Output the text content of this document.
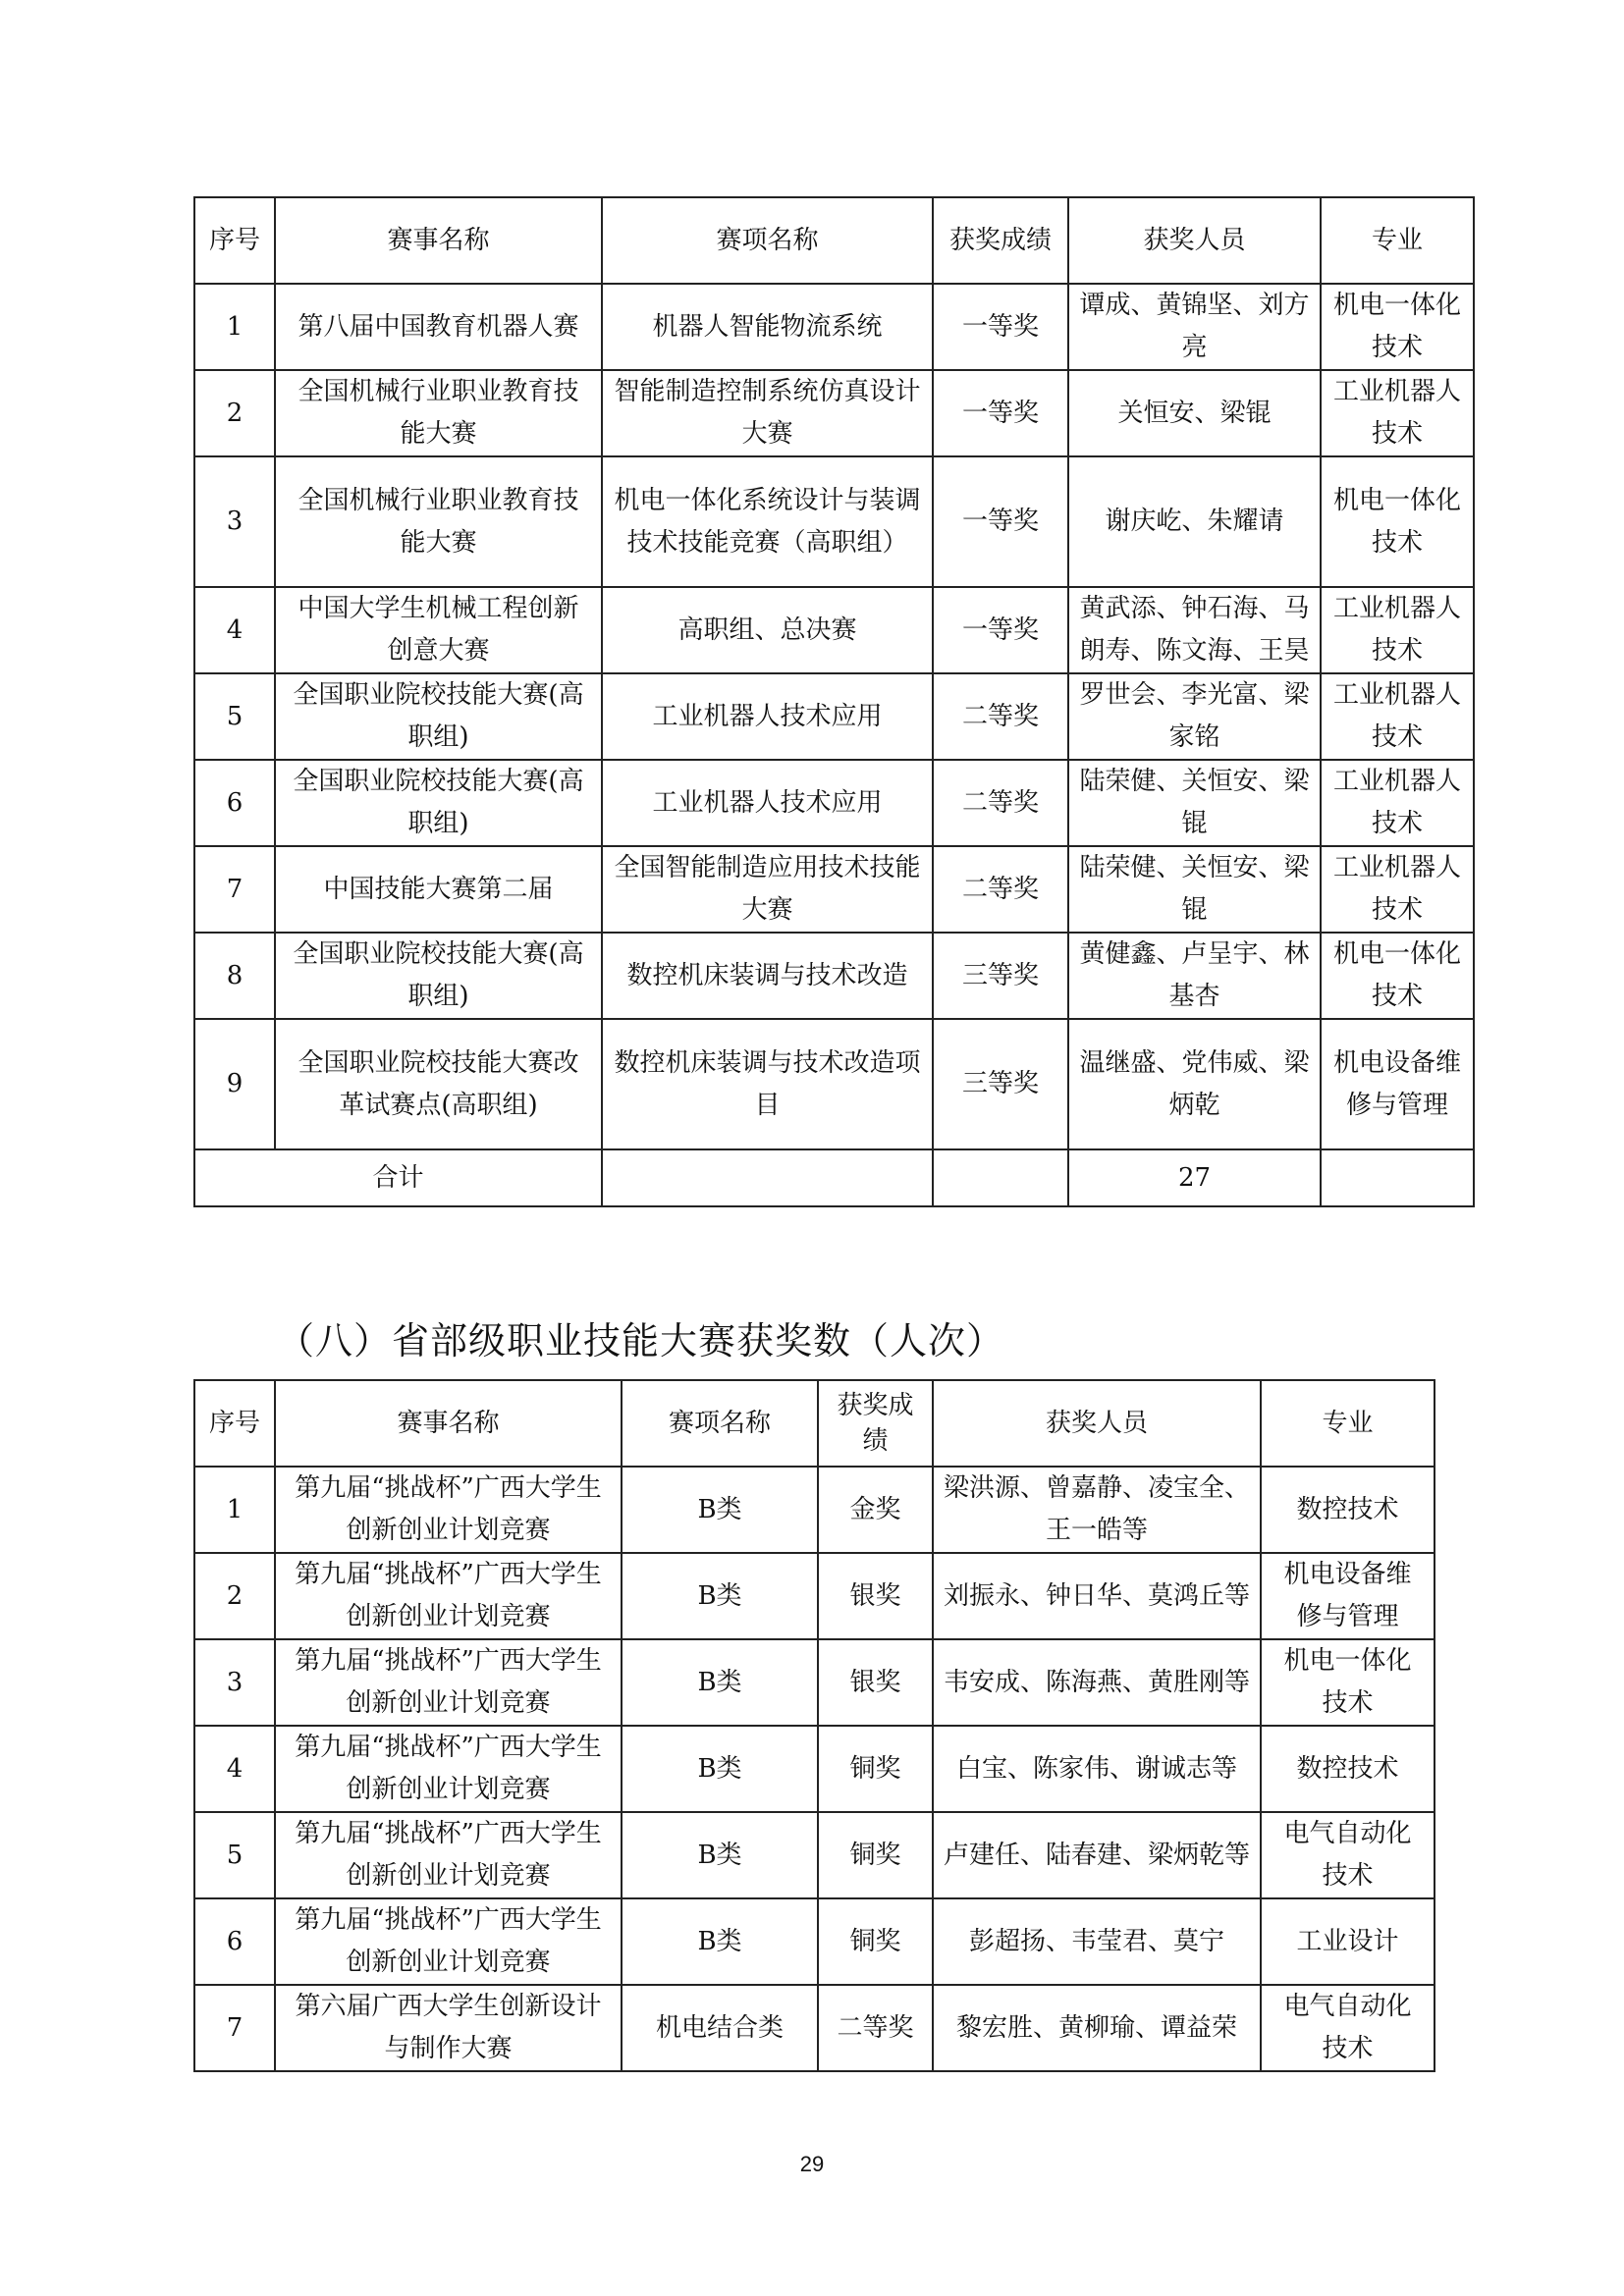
序号	赛事名称	赛项名称	获奖成绩	获奖人员	专业
1	第八届中国教育机器人赛	机器人智能物流系统	一等奖	谭成、黄锦坚、刘方亮	机电一体化技术
2	全国机械行业职业教育技能大赛	智能制造控制系统仿真设计大赛	一等奖	关恒安、梁锟	工业机器人技术
3	全国机械行业职业教育技能大赛	机电一体化系统设计与装调技术技能竞赛（高职组）	一等奖	谢庆屹、朱耀请	机电一体化技术
4	中国大学生机械工程创新创意大赛	高职组、总决赛	一等奖	黄武添、钟石海、马朗寿、陈文海、王昊	工业机器人技术
5	全国职业院校技能大赛(高职组)	工业机器人技术应用	二等奖	罗世会、李光富、梁家铭	工业机器人技术
6	全国职业院校技能大赛(高职组)	工业机器人技术应用	二等奖	陆荣健、关恒安、梁锟	工业机器人技术
7	中国技能大赛第二届	全国智能制造应用技术技能大赛	二等奖	陆荣健、关恒安、梁锟	工业机器人技术
8	全国职业院校技能大赛(高职组)	数控机床装调与技术改造	三等奖	黄健鑫、卢呈宇、林基杏	机电一体化技术
9	全国职业院校技能大赛改革试赛点(高职组)	数控机床装调与技术改造项目	三等奖	温继盛、党伟威、梁炳乾	机电设备维修与管理
合计				27	
（八）省部级职业技能大赛获奖数（人次）
序号	赛事名称	赛项名称	获奖成绩	获奖人员	专业
1	第九届“挑战杯”广西大学生创新创业计划竞赛	B类	金奖	梁洪源、曾嘉静、凌宝全、王一皓等	数控技术
2	第九届“挑战杯”广西大学生创新创业计划竞赛	B类	银奖	刘振永、钟日华、莫鸿丘等	机电设备维修与管理
3	第九届“挑战杯”广西大学生创新创业计划竞赛	B类	银奖	韦安成、陈海燕、黄胜刚等	机电一体化技术
4	第九届“挑战杯”广西大学生创新创业计划竞赛	B类	铜奖	白宝、陈家伟、谢诚志等	数控技术
5	第九届“挑战杯”广西大学生创新创业计划竞赛	B类	铜奖	卢建任、陆春建、梁炳乾等	电气自动化技术
6	第九届“挑战杯”广西大学生创新创业计划竞赛	B类	铜奖	彭超扬、韦莹君、莫宁	工业设计
7	第六届广西大学生创新设计与制作大赛	机电结合类	二等奖	黎宏胜、黄柳瑜、谭益荣	电气自动化技术
29
